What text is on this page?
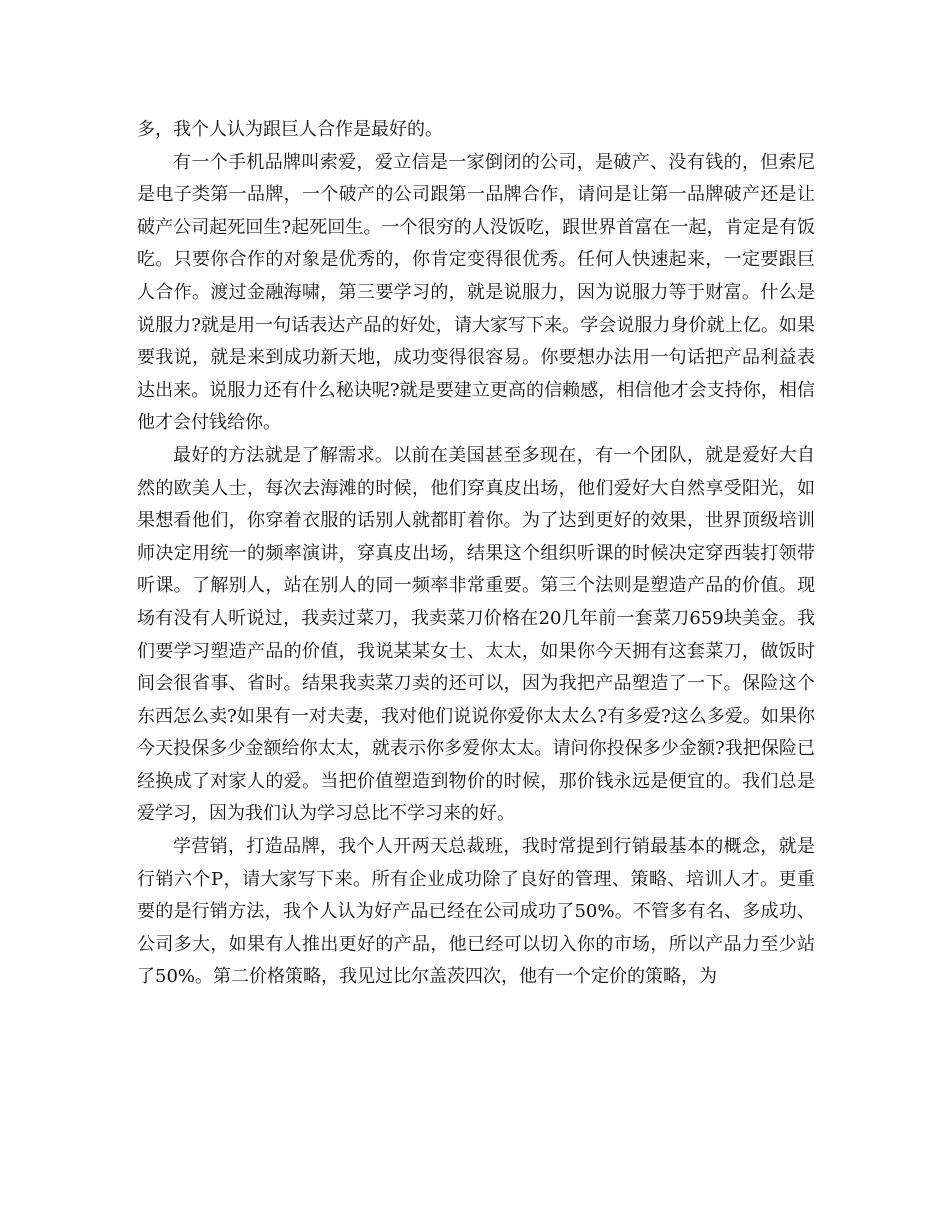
多，我个人认为跟巨人合作是最好的。

有一个手机品牌叫索爱，爱立信是一家倒闭的公司，是破产、没有钱的，但索尼是电子类第一品牌，一个破产的公司跟第一品牌合作，请问是让第一品牌破产还是让破产公司起死回生?起死回生。一个很穷的人没饭吃，跟世界首富在一起，肯定是有饭吃。只要你合作的对象是优秀的，你肯定变得很优秀。任何人快速起来，一定要跟巨人合作。渡过金融海啸，第三要学习的，就是说服力，因为说服力等于财富。什么是说服力?就是用一句话表达产品的好处，请大家写下来。学会说服力身价就上亿。如果要我说，就是来到成功新天地，成功变得很容易。你要想办法用一句话把产品利益表达出来。说服力还有什么秘诀呢?就是要建立更高的信赖感，相信他才会支持你，相信他才会付钱给你。

最好的方法就是了解需求。以前在美国甚至多现在，有一个团队，就是爱好大自然的欧美人士，每次去海滩的时候，他们穿真皮出场，他们爱好大自然享受阳光，如果想看他们，你穿着衣服的话别人就都盯着你。为了达到更好的效果，世界顶级培训师决定用统一的频率演讲，穿真皮出场，结果这个组织听课的时候决定穿西装打领带听课。了解别人，站在别人的同一频率非常重要。第三个法则是塑造产品的价值。现场有没有人听说过，我卖过菜刀，我卖菜刀价格在20几年前一套菜刀659块美金。我们要学习塑造产品的价值，我说某某女士、太太，如果你今天拥有这套菜刀，做饭时间会很省事、省时。结果我卖菜刀卖的还可以，因为我把产品塑造了一下。保险这个东西怎么卖?如果有一对夫妻，我对他们说说你爱你太太么?有多爱?这么多爱。如果你今天投保多少金额给你太太，就表示你多爱你太太。请问你投保多少金额?我把保险已经换成了对家人的爱。当把价值塑造到物价的时候，那价钱永远是便宜的。我们总是爱学习，因为我们认为学习总比不学习来的好。

学营销，打造品牌，我个人开两天总裁班，我时常提到行销最基本的概念，就是行销六个P，请大家写下来。所有企业成功除了良好的管理、策略、培训人才。更重要的是行销方法，我个人认为好产品已经在公司成功了50%。不管多有名、多成功、公司多大，如果有人推出更好的产品，他已经可以切入你的市场，所以产品力至少站了50%。第二价格策略，我见过比尔盖茨四次，他有一个定价的策略，为
